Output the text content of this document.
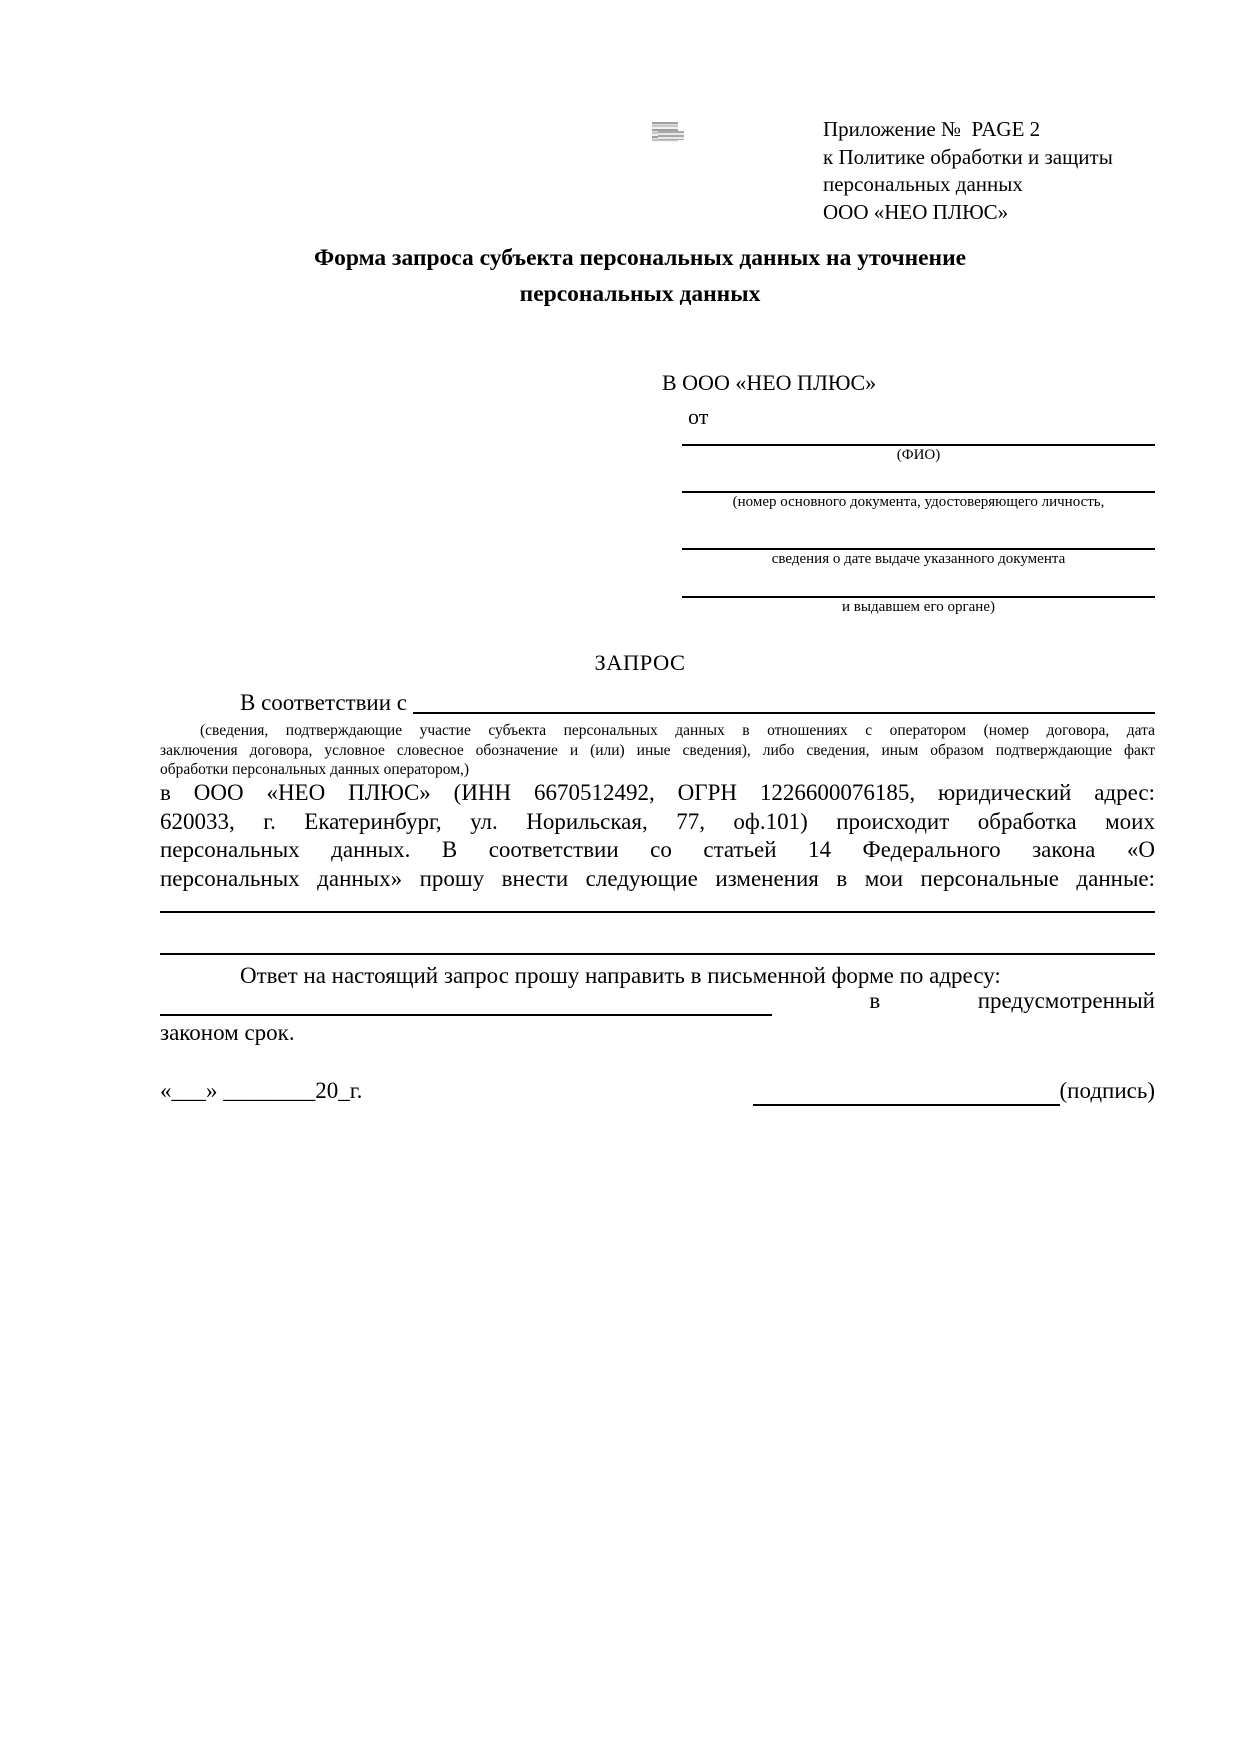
Приложение №  PAGE 2
к Политике обработки и защиты
персональных данных
ООО «НЕО ПЛЮС»
Форма запроса субъекта персональных данных на уточнение
персональных данных
В ООО «НЕО ПЛЮС»
от
(ФИО)
(номер основного документа, удостоверяющего личность,
сведения о дате выдаче указанного документа
и выдавшем его органе)
ЗАПРОС
В соответствии с
(сведения, подтверждающие участие субъекта персональных данных в отношениях с оператором (номер договора, дата
заключения договора, условное словесное обозначение и (или) иные сведения), либо сведения, иным образом подтверждающие факт
обработки персональных данных оператором,)
в ООО «НЕО ПЛЮС» (ИНН 6670512492, ОГРН 1226600076185, юридический адрес:
620033, г. Екатеринбург, ул. Норильская, 77, оф.101) происходит обработка моих
персональных данных. В соответствии со статьей 14 Федерального закона «О
персональных данных» прошу внести следующие изменения в мои персональные данные:
Ответ на настоящий запрос прошу направить в письменной форме по адресу:
в	предусмотренный
законом срок.
«___» ________20_г.	(подпись)
